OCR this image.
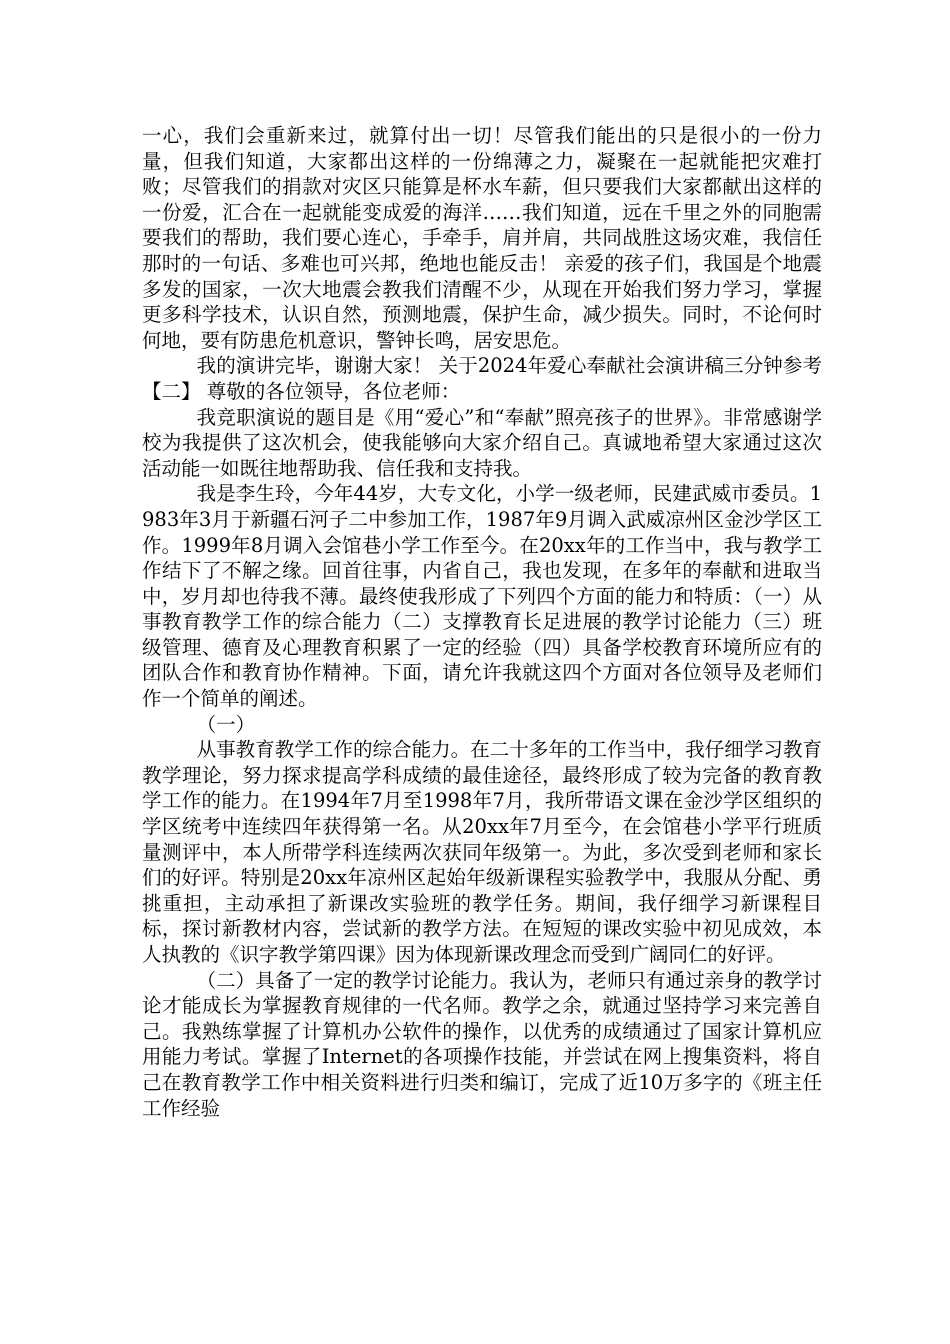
一心，我们会重新来过，就算付出一切！尽管我们能出的只是很小的一份力量，但我们知道，大家都出这样的一份绵薄之力，凝聚在一起就能把灾难打败；尽管我们的捐款对灾区只能算是杯水车薪，但只要我们大家都献出这样的一份爱，汇合在一起就能变成爱的海洋……我们知道，远在千里之外的同胞需要我们的帮助，我们要心连心，手牵手，肩并肩，共同战胜这场灾难，我信任那时的一句话、多难也可兴邦，绝地也能反击！ 亲爱的孩子们，我国是个地震多发的国家，一次大地震会教我们清醒不少，从现在开始我们努力学习，掌握更多科学技术，认识自然，预测地震，保护生命，减少损失。同时，不论何时何地，要有防患危机意识，警钟长鸣，居安思危。

我的演讲完毕，谢谢大家！ 关于2024年爱心奉献社会演讲稿三分钟参考【二】 尊敬的各位领导，各位老师：

我竞职演说的题目是《用“爱心”和“奉献”照亮孩子的世界》。非常感谢学校为我提供了这次机会，使我能够向大家介绍自己。真诚地希望大家通过这次活动能一如既往地帮助我、信任我和支持我。

我是李生玲，今年44岁，大专文化，小学一级老师，民建武威市委员。1983年3月于新疆石河子二中参加工作，1987年9月调入武威凉州区金沙学区工作。1999年8月调入会馆巷小学工作至今。在20xx年的工作当中，我与教学工作结下了不解之缘。回首往事，内省自己，我也发现，在多年的奉献和进取当中，岁月却也待我不薄。最终使我形成了下列四个方面的能力和特质：（一）从事教育教学工作的综合能力（二）支撑教育长足进展的教学讨论能力（三）班级管理、德育及心理教育积累了一定的经验（四）具备学校教育环境所应有的团队合作和教育协作精神。下面，请允许我就这四个方面对各位领导及老师们作一个简单的阐述。

（一）

从事教育教学工作的综合能力。在二十多年的工作当中，我仔细学习教育教学理论，努力探求提高学科成绩的最佳途径，最终形成了较为完备的教育教学工作的能力。在1994年7月至1998年7月，我所带语文课在金沙学区组织的学区统考中连续四年获得第一名。从20xx年7月至今，在会馆巷小学平行班质量测评中，本人所带学科连续两次获同年级第一。为此，多次受到老师和家长们的好评。特别是20xx年凉州区起始年级新课程实验教学中，我服从分配、勇挑重担，主动承担了新课改实验班的教学任务。期间，我仔细学习新课程目标，探讨新教材内容，尝试新的教学方法。在短短的课改实验中初见成效，本人执教的《识字教学第四课》因为体现新课改理念而受到广阔同仁的好评。

（二）具备了一定的教学讨论能力。我认为，老师只有通过亲身的教学讨论才能成长为掌握教育规律的一代名师。教学之余，就通过坚持学习来完善自己。我熟练掌握了计算机办公软件的操作，以优秀的成绩通过了国家计算机应用能力考试。掌握了Internet的各项操作技能，并尝试在网上搜集资料，将自己在教育教学工作中相关资料进行归类和编订，完成了近10万多字的《班主任工作经验
